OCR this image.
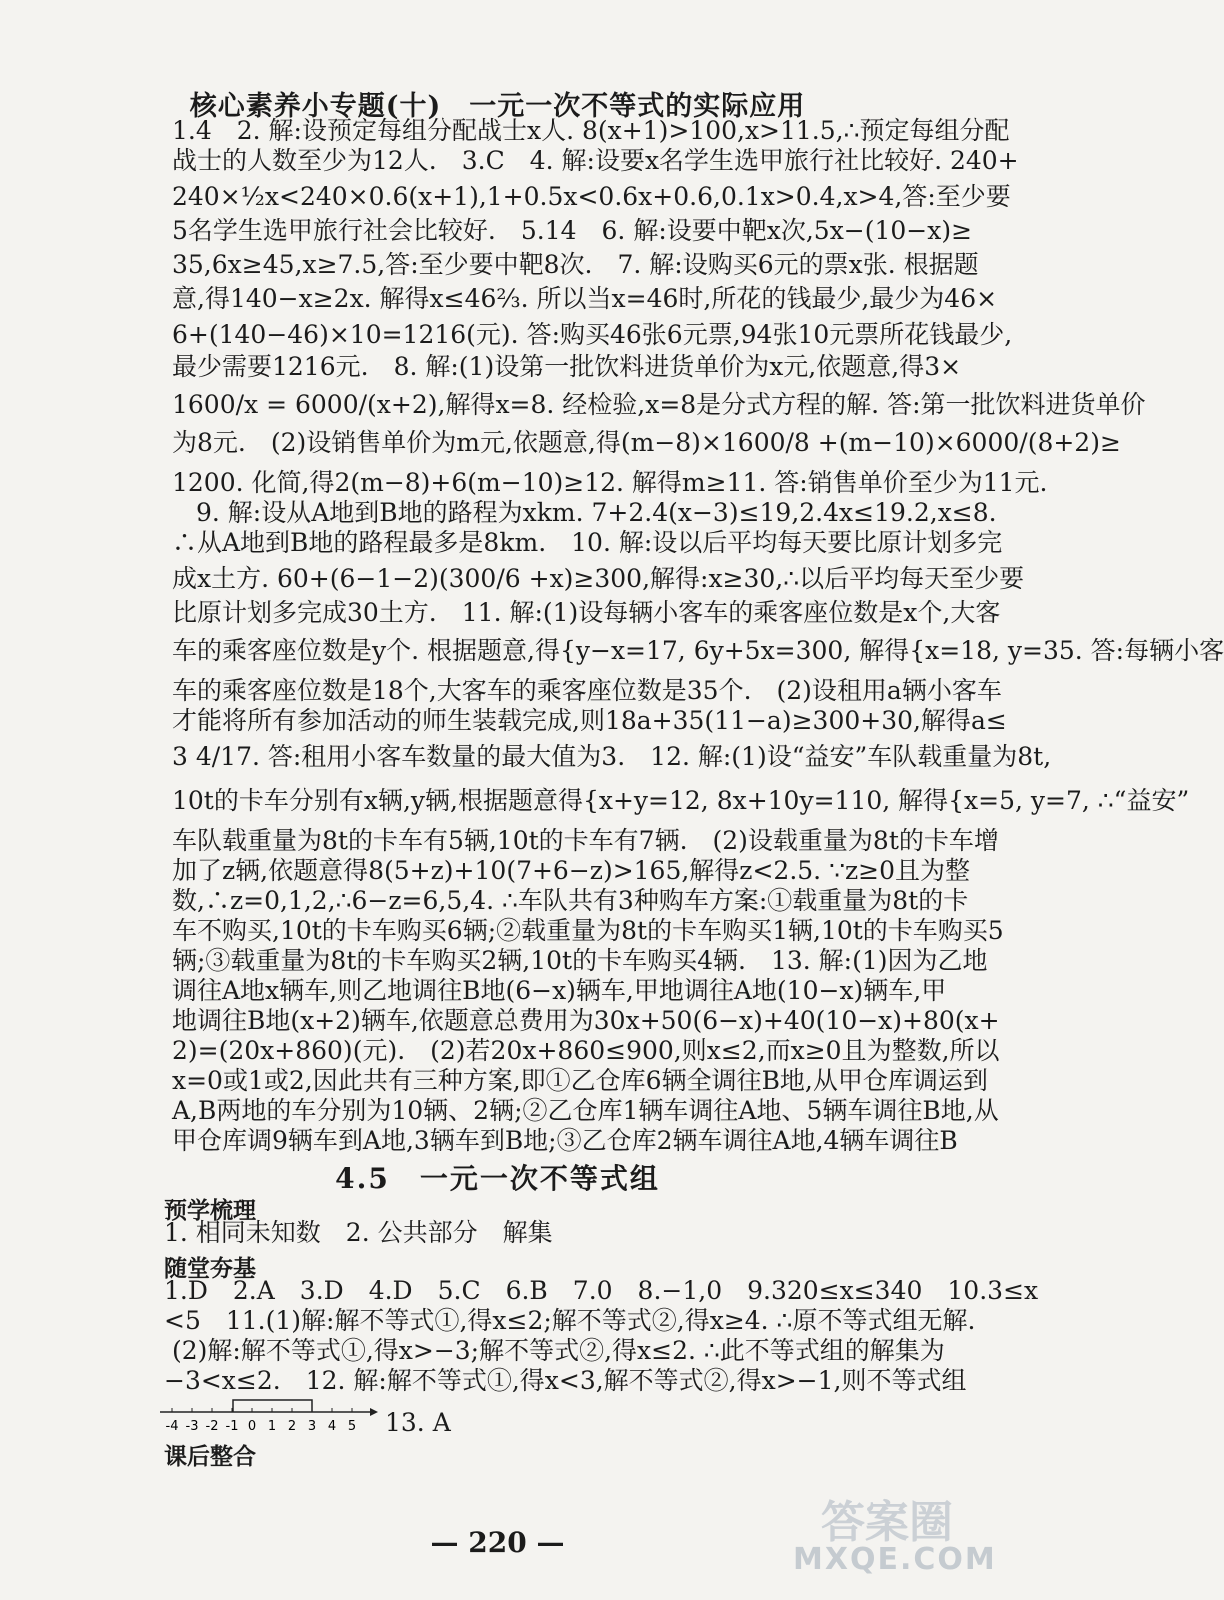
核心素养小专题(十)　一元一次不等式的实际应用
1.4　2. 解:设预定每组分配战士x人. 8(x+1)>100,x>11.5,∴预定每组分配
战士的人数至少为12人.　3.C　4. 解:设要x名学生选甲旅行社比较好. 240+
240×½x<240×0.6(x+1),1+0.5x<0.6x+0.6,0.1x>0.4,x>4,答:至少要
5名学生选甲旅行社会比较好.　5.14　6. 解:设要中靶x次,5x−(10−x)≥
35,6x≥45,x≥7.5,答:至少要中靶8次.　7. 解:设购买6元的票x张. 根据题
意,得140−x≥2x. 解得x≤46⅔. 所以当x=46时,所花的钱最少,最少为46×
6+(140−46)×10=1216(元). 答:购买46张6元票,94张10元票所花钱最少,
最少需要1216元.　8. 解:(1)设第一批饮料进货单价为x元,依题意,得3×
1600/x = 6000/(x+2),解得x=8. 经检验,x=8是分式方程的解. 答:第一批饮料进货单价
为8元.　(2)设销售单价为m元,依题意,得(m−8)×1600/8 +(m−10)×6000/(8+2)≥
1200. 化简,得2(m−8)+6(m−10)≥12. 解得m≥11. 答:销售单价至少为11元.
9. 解:设从A地到B地的路程为xkm. 7+2.4(x−3)≤19,2.4x≤19.2,x≤8.
∴从A地到B地的路程最多是8km.　10. 解:设以后平均每天要比原计划多完
成x土方. 60+(6−1−2)(300/6 +x)≥300,解得:x≥30,∴以后平均每天至少要
比原计划多完成30土方.　11. 解:(1)设每辆小客车的乘客座位数是x个,大客
车的乘客座位数是y个. 根据题意,得{y−x=17, 6y+5x=300, 解得{x=18, y=35. 答:每辆小客
车的乘客座位数是18个,大客车的乘客座位数是35个.　(2)设租用a辆小客车
才能将所有参加活动的师生装载完成,则18a+35(11−a)≥300+30,解得a≤
3 4/17. 答:租用小客车数量的最大值为3.　12. 解:(1)设“益安”车队载重量为8t,
10t的卡车分别有x辆,y辆,根据题意得{x+y=12, 8x+10y=110, 解得{x=5, y=7, ∴“益安”
车队载重量为8t的卡车有5辆,10t的卡车有7辆.　(2)设载重量为8t的卡车增
加了z辆,依题意得8(5+z)+10(7+6−z)>165,解得z<2.5. ∵z≥0且为整
数,∴z=0,1,2,∴6−z=6,5,4. ∴车队共有3种购车方案:①载重量为8t的卡
车不购买,10t的卡车购买6辆;②载重量为8t的卡车购买1辆,10t的卡车购买5
辆;③载重量为8t的卡车购买2辆,10t的卡车购买4辆.　13. 解:(1)因为乙地
调往A地x辆车,则乙地调往B地(6−x)辆车,甲地调往A地(10−x)辆车,甲
地调往B地(x+2)辆车,依题意总费用为30x+50(6−x)+40(10−x)+80(x+
2)=(20x+860)(元).　(2)若20x+860≤900,则x≤2,而x≥0且为整数,所以
x=0或1或2,因此共有三种方案,即①乙仓库6辆全调往B地,从甲仓库调运到
A,B两地的车分别为10辆、2辆;②乙仓库1辆车调往A地、5辆车调往B地,从
甲仓库调9辆车到A地,3辆车到B地;③乙仓库2辆车调往A地,4辆车调往B
4.5　一元一次不等式组
预学梳理
1. 相同未知数　2. 公共部分　解集
随堂夯基
1.D　2.A　3.D　4.D　5.C　6.B　7.0　8.−1,0　9.320≤x≤340　10.3≤x
<5　11.(1)解:解不等式①,得x≤2;解不等式②,得x≥4. ∴原不等式组无解.
(2)解:解不等式①,得x>−3;解不等式②,得x≤2. ∴此不等式组的解集为
−3<x≤2.　12. 解:解不等式①,得x<3,解不等式②,得x>−1,则不等式组
-4 -3 -2 -1 0 1 2 3 4 5 13. A
课后整合
— 220 —	答案圈
MXQE.COM
